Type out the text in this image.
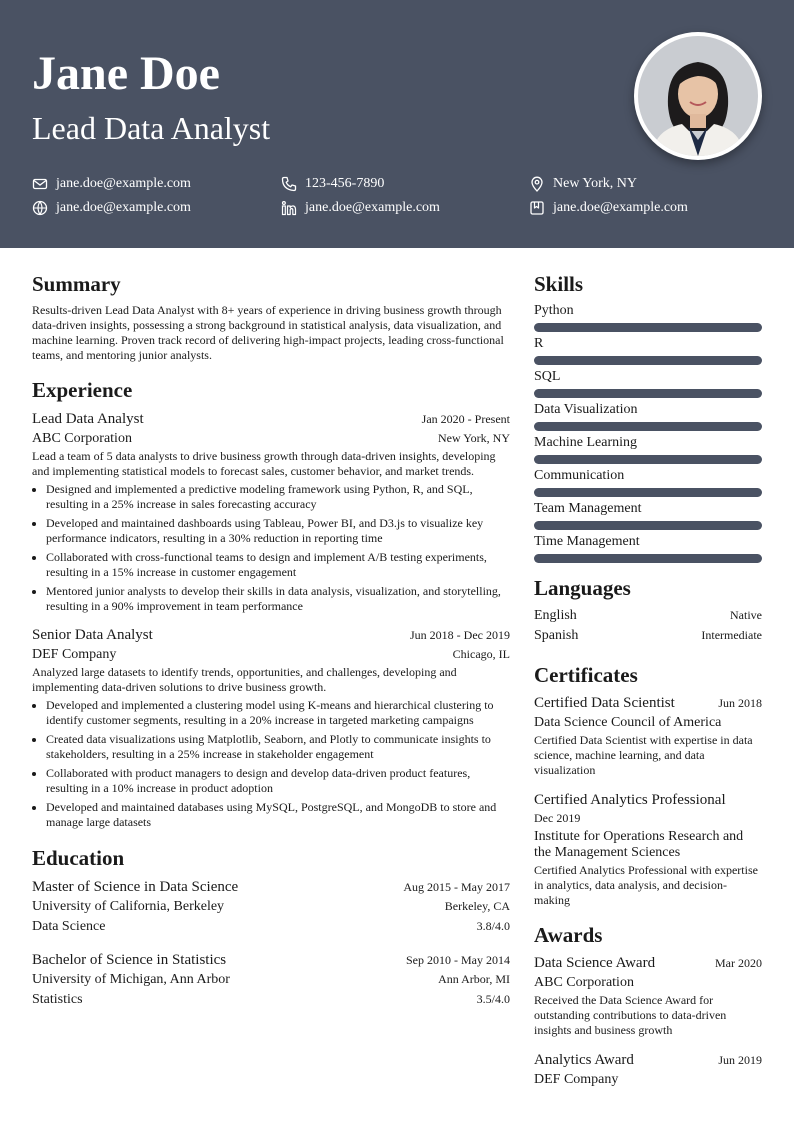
Jane Doe
Lead Data Analyst
jane.doe@example.com	123-456-7890	New York, NY
jane.doe@example.com	jane.doe@example.com	jane.doe@example.com
Summary
Results-driven Lead Data Analyst with 8+ years of experience in driving business growth through data-driven insights, possessing a strong background in statistical analysis, data visualization, and machine learning. Proven track record of delivering high-impact projects, leading cross-functional teams, and mentoring junior analysts.
Experience
Lead Data Analyst	Jan 2020 - Present
ABC Corporation	New York, NY
Lead a team of 5 data analysts to drive business growth through data-driven insights, developing and implementing statistical models to forecast sales, customer behavior, and market trends.
• Designed and implemented a predictive modeling framework using Python, R, and SQL, resulting in a 25% increase in sales forecasting accuracy
• Developed and maintained dashboards using Tableau, Power BI, and D3.js to visualize key performance indicators, resulting in a 30% reduction in reporting time
• Collaborated with cross-functional teams to design and implement A/B testing experiments, resulting in a 15% increase in customer engagement
• Mentored junior analysts to develop their skills in data analysis, visualization, and storytelling, resulting in a 90% improvement in team performance
Senior Data Analyst	Jun 2018 - Dec 2019
DEF Company	Chicago, IL
Analyzed large datasets to identify trends, opportunities, and challenges, developing and implementing data-driven solutions to drive business growth.
• Developed and implemented a clustering model using K-means and hierarchical clustering to identify customer segments, resulting in a 20% increase in targeted marketing campaigns
• Created data visualizations using Matplotlib, Seaborn, and Plotly to communicate insights to stakeholders, resulting in a 25% increase in stakeholder engagement
• Collaborated with product managers to design and develop data-driven product features, resulting in a 10% increase in product adoption
• Developed and maintained databases using MySQL, PostgreSQL, and MongoDB to store and manage large datasets
Education
Master of Science in Data Science	Aug 2015 - May 2017
University of California, Berkeley	Berkeley, CA
Data Science	3.8/4.0
Bachelor of Science in Statistics	Sep 2010 - May 2014
University of Michigan, Ann Arbor	Ann Arbor, MI
Statistics	3.5/4.0
Skills
Python
R
SQL
Data Visualization
Machine Learning
Communication
Team Management
Time Management
Languages
English	Native
Spanish	Intermediate
Certificates
Certified Data Scientist	Jun 2018
Data Science Council of America
Certified Data Scientist with expertise in data science, machine learning, and data visualization
Certified Analytics Professional
Dec 2019
Institute for Operations Research and the Management Sciences
Certified Analytics Professional with expertise in analytics, data analysis, and decision-making
Awards
Data Science Award	Mar 2020
ABC Corporation
Received the Data Science Award for outstanding contributions to data-driven insights and business growth
Analytics Award	Jun 2019
DEF Company
